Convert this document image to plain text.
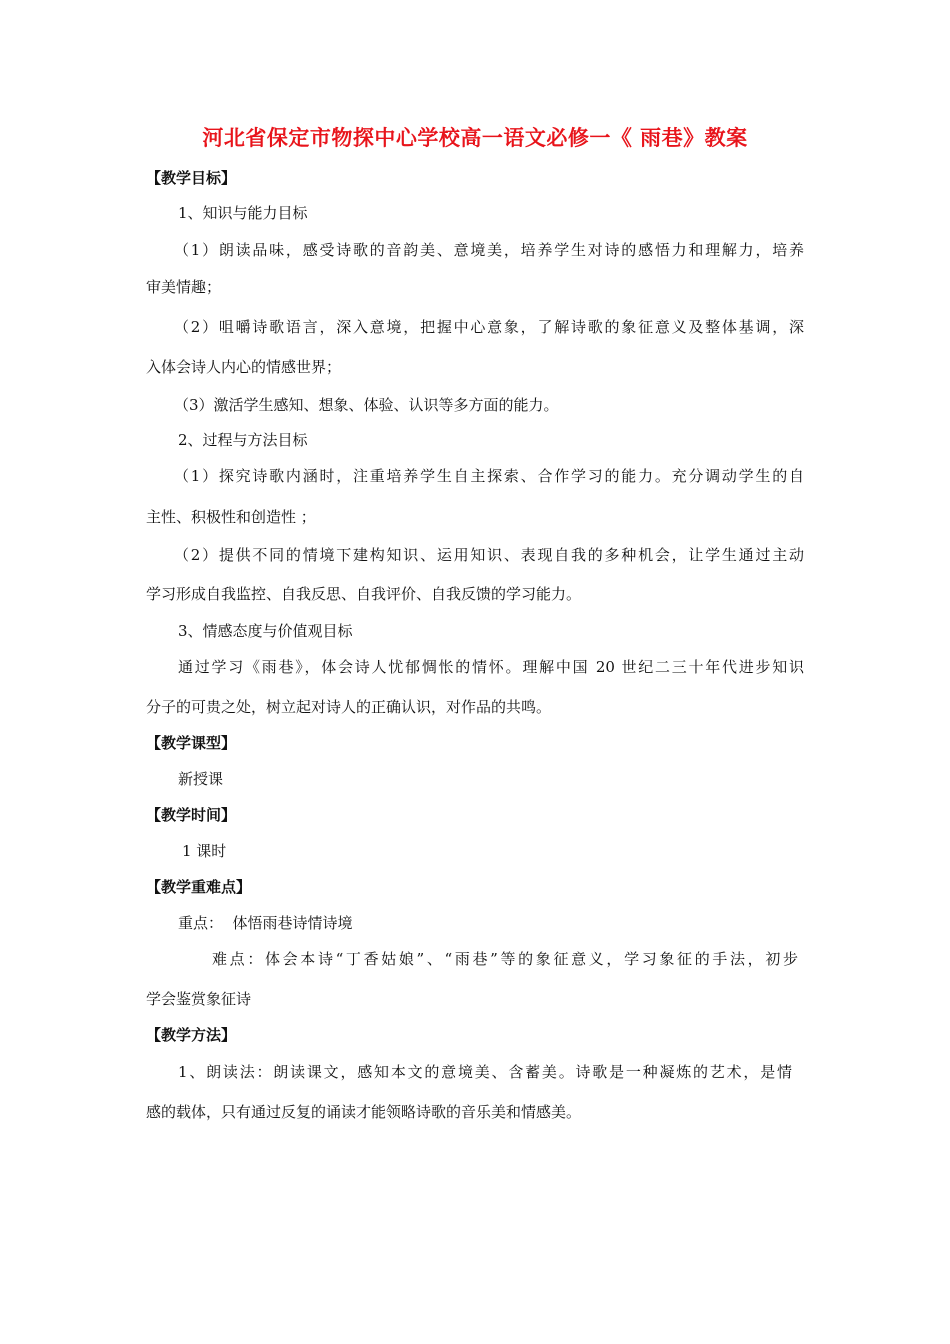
河北省保定市物探中心学校高一语文必修一《 雨巷》教案
【教学目标】
1、知识与能力目标
（1）朗读品味，感受诗歌的音韵美、意境美，培养学生对诗的感悟力和理解力，培养
审美情趣；
（2）咀嚼诗歌语言，深入意境，把握中心意象，了解诗歌的象征意义及整体基调，深
入体会诗人内心的情感世界；
（3）激活学生感知、想象、体验、认识等多方面的能力。
2、过程与方法目标
（1）探究诗歌内涵时，注重培养学生自主探索、合作学习的能力。充分调动学生的自
主性、积极性和创造性 ；
（2）提供不同的情境下建构知识、运用知识、表现自我的多种机会，让学生通过主动
学习形成自我监控、自我反思、自我评价、自我反馈的学习能力。
3、情感态度与价值观目标
通过学习《雨巷》，体会诗人忧郁惆怅的情怀。理解中国 20 世纪二三十年代进步知识
分子的可贵之处，树立起对诗人的正确认识，对作品的共鸣。
【教学课型】
新授课
【教学时间】
1 课时
【教学重难点】
重点：  体悟雨巷诗情诗境
难点：体会本诗“丁香姑娘”、“雨巷”等的象征意义，学习象征的手法，初步
学会鉴赏象征诗
【教学方法】
1、朗读法：朗读课文，感知本文的意境美、含蓄美。诗歌是一种凝炼的艺术，是情
感的载体，只有通过反复的诵读才能领略诗歌的音乐美和情感美。
